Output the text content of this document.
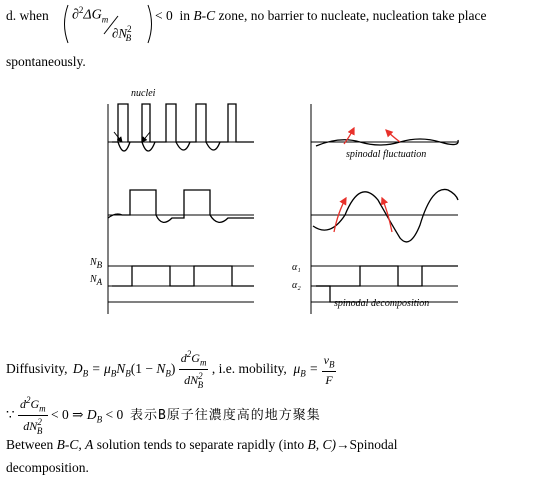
d. when $\partial^2\Delta G_m$
$\partial N^2_B$
< 0 in B-C zone, no barrier to nucleate, nucleation take place
spontaneously.
nuclei
spinodal fluctuation
spinodal decomposition
$N_B$
$N_A$
α₁
α₂
Diffusivity, $D_B = \mu_BN_B(1 - N_B) \frac{d^2G_m}{dN^2_B}$ , i.e. mobility,  $\mu_B = \frac{v_B}{F}$
∵ $\frac{d^2G_m}{dN^2_B} < 0$ ⇒ $D_B < 0$ 表示B原子往濃度高的地方聚集
Between B-C, A solution tends to separate rapidly (into B, C)→Spinodal
decomposition.
